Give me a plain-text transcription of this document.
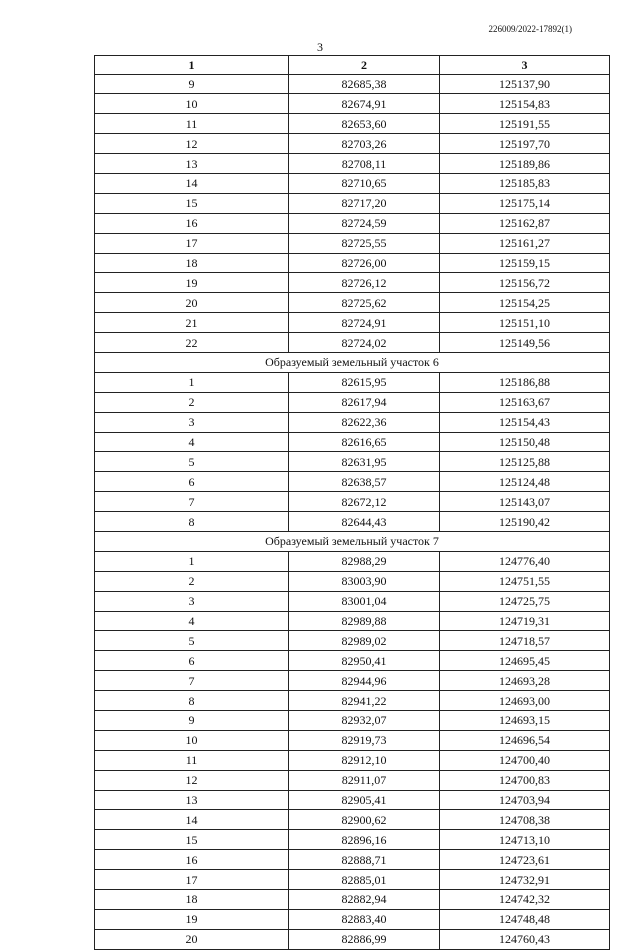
226009/2022-17892(1)
3
1	2	3
9	82685,38	125137,90
10	82674,91	125154,83
11	82653,60	125191,55
12	82703,26	125197,70
13	82708,11	125189,86
14	82710,65	125185,83
15	82717,20	125175,14
16	82724,59	125162,87
17	82725,55	125161,27
18	82726,00	125159,15
19	82726,12	125156,72
20	82725,62	125154,25
21	82724,91	125151,10
22	82724,02	125149,56
Образуемый земельный участок 6		
1	82615,95	125186,88
2	82617,94	125163,67
3	82622,36	125154,43
4	82616,65	125150,48
5	82631,95	125125,88
6	82638,57	125124,48
7	82672,12	125143,07
8	82644,43	125190,42
Образуемый земельный участок 7		
1	82988,29	124776,40
2	83003,90	124751,55
3	83001,04	124725,75
4	82989,88	124719,31
5	82989,02	124718,57
6	82950,41	124695,45
7	82944,96	124693,28
8	82941,22	124693,00
9	82932,07	124693,15
10	82919,73	124696,54
11	82912,10	124700,40
12	82911,07	124700,83
13	82905,41	124703,94
14	82900,62	124708,38
15	82896,16	124713,10
16	82888,71	124723,61
17	82885,01	124732,91
18	82882,94	124742,32
19	82883,40	124748,48
20	82886,99	124760,43
